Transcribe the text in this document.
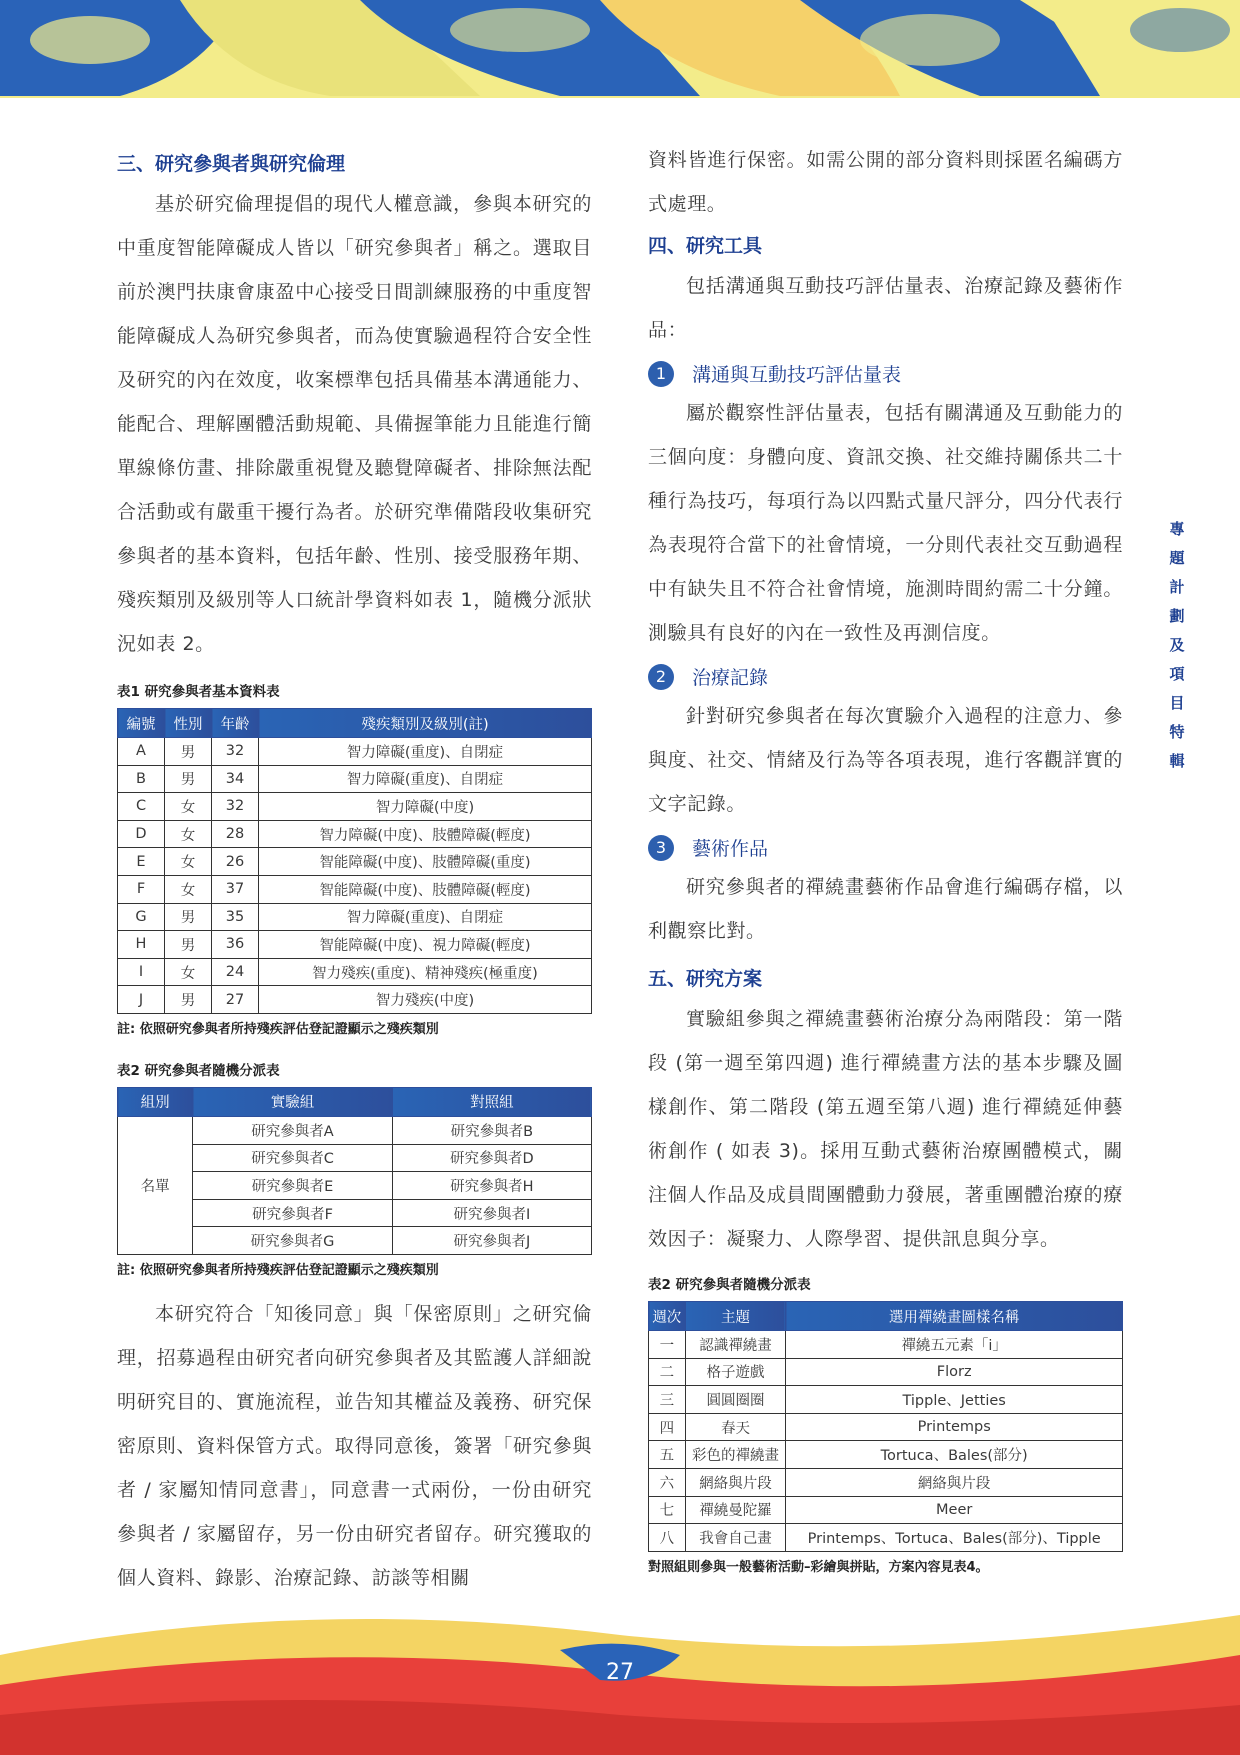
三、研究參與者與研究倫理

基於研究倫理提倡的現代人權意識，參與本研究的中重度智能障礙成人皆以「研究參與者」稱之。選取目前於澳門扶康會康盈中心接受日間訓練服務的中重度智能障礙成人為研究參與者，而為使實驗過程符合安全性及研究的內在效度，收案標準包括具備基本溝通能力、能配合、理解團體活動規範、具備握筆能力且能進行簡單線條仿畫、排除嚴重視覺及聽覺障礙者、排除無法配合活動或有嚴重干擾行為者。於研究準備階段收集研究參與者的基本資料，包括年齡、性別、接受服務年期、殘疾類別及級別等人口統計學資料如表 1，隨機分派狀況如表 2。

表1 研究參與者基本資料表
編號	性別	年齡	殘疾類別及級別(註)
A	男	32	智力障礙(重度)、自閉症
B	男	34	智力障礙(重度)、自閉症
C	女	32	智力障礙(中度)
D	女	28	智力障礙(中度)、肢體障礙(輕度)
E	女	26	智能障礙(中度)、肢體障礙(重度)
F	女	37	智能障礙(中度)、肢體障礙(輕度)
G	男	35	智力障礙(重度)、自閉症
H	男	36	智能障礙(中度)、視力障礙(輕度)
I	女	24	智力殘疾(重度)、精神殘疾(極重度)
J	男	27	智力殘疾(中度)
註: 依照研究參與者所持殘疾評估登記證顯示之殘疾類別
表2 研究參與者隨機分派表
組別	實驗組	對照組
名單	研究參與者A	研究參與者B
	研究參與者C	研究參與者D
	研究參與者E	研究參與者H
	研究參與者F	研究參與者I
	研究參與者G	研究參與者J
註: 依照研究參與者所持殘疾評估登記證顯示之殘疾類別

本研究符合「知後同意」與「保密原則」之研究倫理，招募過程由研究者向研究參與者及其監護人詳細說明研究目的、實施流程，並告知其權益及義務、研究保密原則、資料保管方式。取得同意後，簽署「研究參與者 / 家屬知情同意書」，同意書一式兩份，一份由研究參與者 / 家屬留存，另一份由研究者留存。研究獲取的個人資料、錄影、治療記錄、訪談等相關

資料皆進行保密。如需公開的部分資料則採匿名編碼方式處理。

四、研究工具

包括溝通與互動技巧評估量表、治療記錄及藝術作品：

1	溝通與互動技巧評估量表

屬於觀察性評估量表，包括有關溝通及互動能力的三個向度：身體向度、資訊交換、社交維持關係共二十種行為技巧，每項行為以四點式量尺評分，四分代表行為表現符合當下的社會情境，一分則代表社交互動過程中有缺失且不符合社會情境，施測時間約需二十分鐘。測驗具有良好的內在一致性及再測信度。

2	治療記錄

針對研究參與者在每次實驗介入過程的注意力、參與度、社交、情緒及行為等各項表現，進行客觀詳實的文字記錄。

3	藝術作品

研究參與者的禪繞畫藝術作品會進行編碼存檔，以利觀察比對。

五、研究方案

實驗組參與之禪繞畫藝術治療分為兩階段：第一階段 (第一週至第四週) 進行禪繞畫方法的基本步驟及圖樣創作、第二階段 (第五週至第八週) 進行禪繞延伸藝術創作 ( 如表 3)。採用互動式藝術治療團體模式，關注個人作品及成員間團體動力發展，著重團體治療的療效因子：凝聚力、人際學習、提供訊息與分享。

表2 研究參與者隨機分派表
週次	主題	選用禪繞畫圖樣名稱
一	認識禪繞畫	禪繞五元素「i」
二	格子遊戲	Florz
三	圓圓圈圈	Tipple、Jetties
四	春天	Printemps
五	彩色的禪繞畫	Tortuca、Bales(部分)
六	網絡與片段	網絡與片段
七	禪繞曼陀羅	Meer
八	我會自己畫	Printemps、Tortuca、Bales(部分)、Tipple
對照組則參與一般藝術活動–彩繪與拼貼，方案內容見表4。
專
題
計
劃
及
項
目
特
輯
27
